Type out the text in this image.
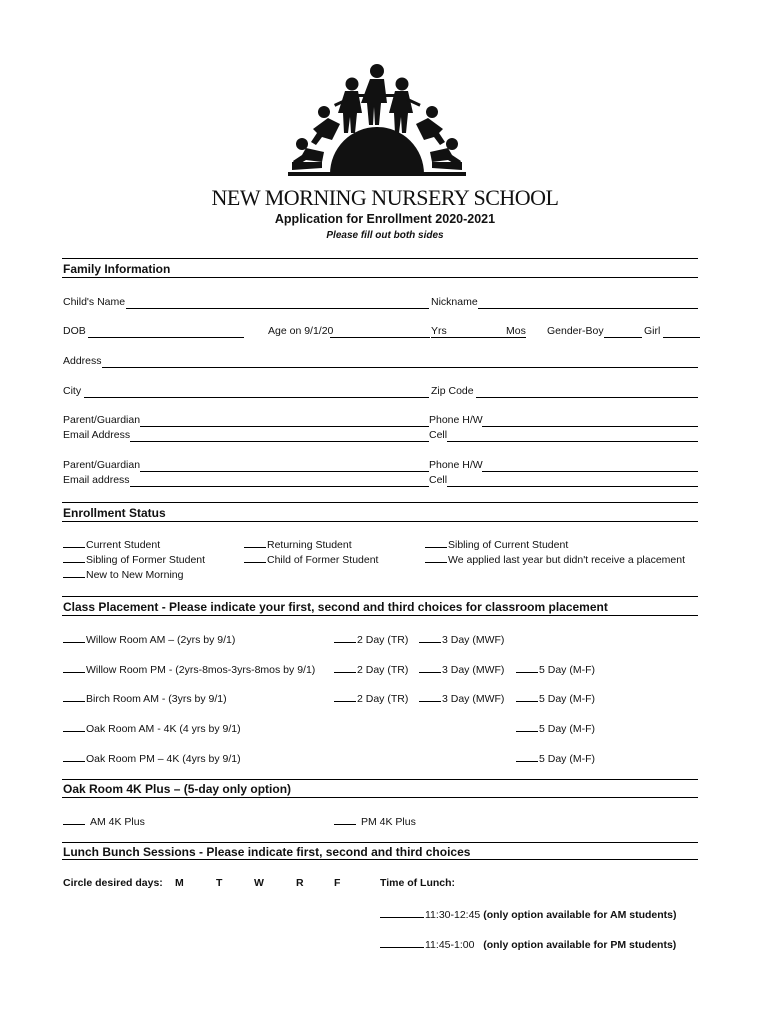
NEW MORNING NURSERY SCHOOL
Application for Enrollment 2020-2021
Please fill out both sides
Family Information
Child's Name	Nickname
DOB	Age on 9/1/20	Yrs	Mos Gender-Boy	Girl
Address
City	Zip Code
Parent/Guardian	Phone H/W
Email Address	Cell
Parent/Guardian	Phone H/W
Email address	Cell
Enrollment Status
Current Student	Returning Student	Sibling of Current Student
Sibling of Former Student	Child of Former Student	We applied last year but didn't receive a placement
New to New Morning
Class Placement - Please indicate your first, second and third choices for classroom placement
Willow Room AM – (2yrs by 9/1)	2 Day (TR)	3 Day (MWF)
Willow Room PM - (2yrs-8mos-3yrs-8mos by 9/1)	2 Day (TR)	3 Day (MWF)	5 Day (M-F)
Birch Room AM - (3yrs by 9/1)	2 Day (TR)	3 Day (MWF)	5 Day (M-F)
Oak Room AM - 4K (4 yrs by 9/1)	5 Day (M-F)
Oak Room PM – 4K (4yrs by 9/1)	5 Day (M-F)
Oak Room 4K Plus – (5-day only option)
AM 4K Plus	PM 4K Plus
Lunch Bunch Sessions - Please indicate first, second and third choices
Circle desired days: M	T	W	R	F	Time of Lunch:
11:30-12:45 (only option available for AM students)
11:45-1:00 (only option available for PM students)
